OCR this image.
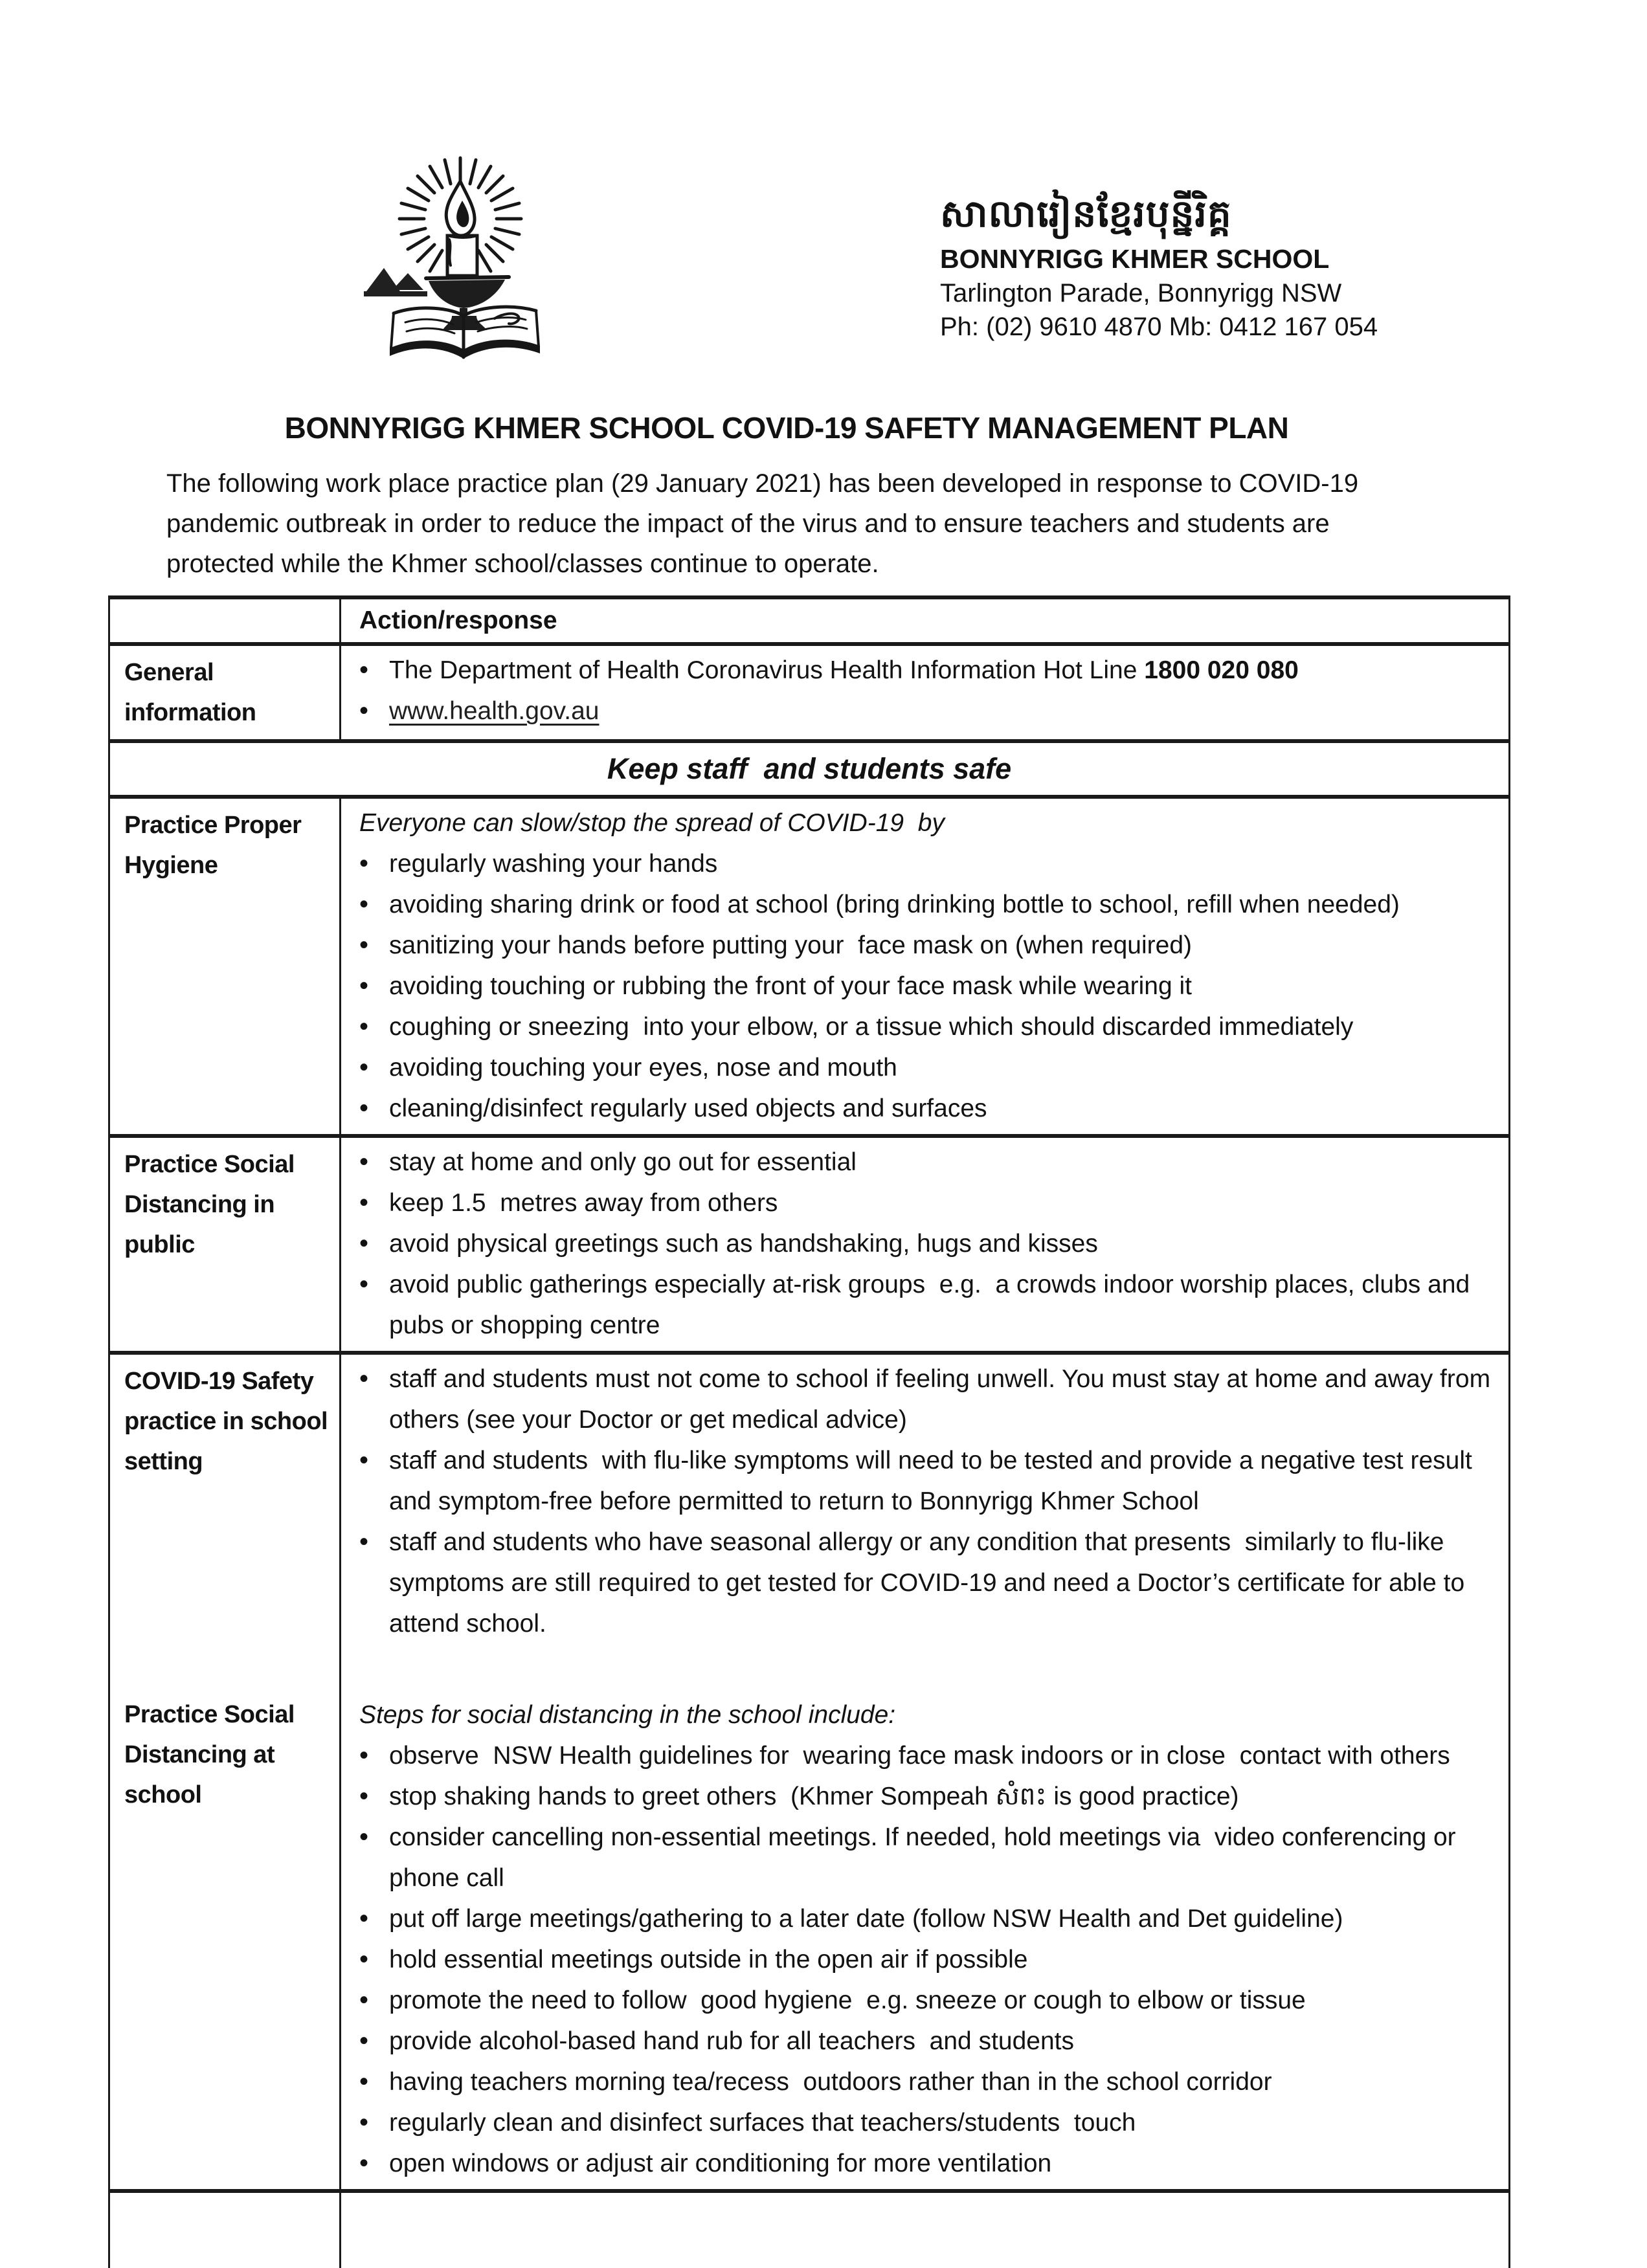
សាលារៀនខ្មែរបុន្នីរិគ្គ
BONNYRIGG KHMER SCHOOL
Tarlington Parade, Bonnyrigg NSW
Ph: (02) 9610 4870 Mb: 0412 167 054
BONNYRIGG KHMER SCHOOL COVID-19 SAFETY MANAGEMENT PLAN
The following work place practice plan (29 January 2021) has been developed in response to COVID-19
pandemic outbreak in order to reduce the impact of the virus and to ensure teachers and students are
protected while the Khmer school/classes continue to operate.
Action/response
General information
• The Department of Health Coronavirus Health Information Hot Line 1800 020 080
• www.health.gov.au
Keep staff  and students safe
Practice Proper Hygiene
Everyone can slow/stop the spread of COVID-19  by
• regularly washing your hands
• avoiding sharing drink or food at school (bring drinking bottle to school, refill when needed)
• sanitizing your hands before putting your  face mask on (when required)
• avoiding touching or rubbing the front of your face mask while wearing it
• coughing or sneezing  into your elbow, or a tissue which should discarded immediately
• avoiding touching your eyes, nose and mouth
• cleaning/disinfect regularly used objects and surfaces
Practice Social Distancing in public
• stay at home and only go out for essential
• keep 1.5  metres away from others
• avoid physical greetings such as handshaking, hugs and kisses
• avoid public gatherings especially at-risk groups  e.g.  a crowds indoor worship places, clubs and pubs or shopping centre
COVID-19 Safety practice in school setting
• staff and students must not come to school if feeling unwell. You must stay at home and away from others (see your Doctor or get medical advice)
• staff and students  with flu-like symptoms will need to be tested and provide a negative test result and symptom-free before permitted to return to Bonnyrigg Khmer School
• staff and students who have seasonal allergy or any condition that presents  similarly to flu-like symptoms are still required to get tested for COVID-19 and need a Doctor’s certificate for able to attend school.
Practice Social Distancing at school
Steps for social distancing in the school include:
• observe  NSW Health guidelines for  wearing face mask indoors or in close  contact with others
• stop shaking hands to greet others  (Khmer Sompeah សំពះ is good practice)
• consider cancelling non-essential meetings. If needed, hold meetings via  video conferencing or phone call
• put off large meetings/gathering to a later date (follow NSW Health and Det guideline)
• hold essential meetings outside in the open air if possible
• promote the need to follow  good hygiene  e.g. sneeze or cough to elbow or tissue
• provide alcohol-based hand rub for all teachers  and students
• having teachers morning tea/recess  outdoors rather than in the school corridor
• regularly clean and disinfect surfaces that teachers/students  touch
• open windows or adjust air conditioning for more ventilation
